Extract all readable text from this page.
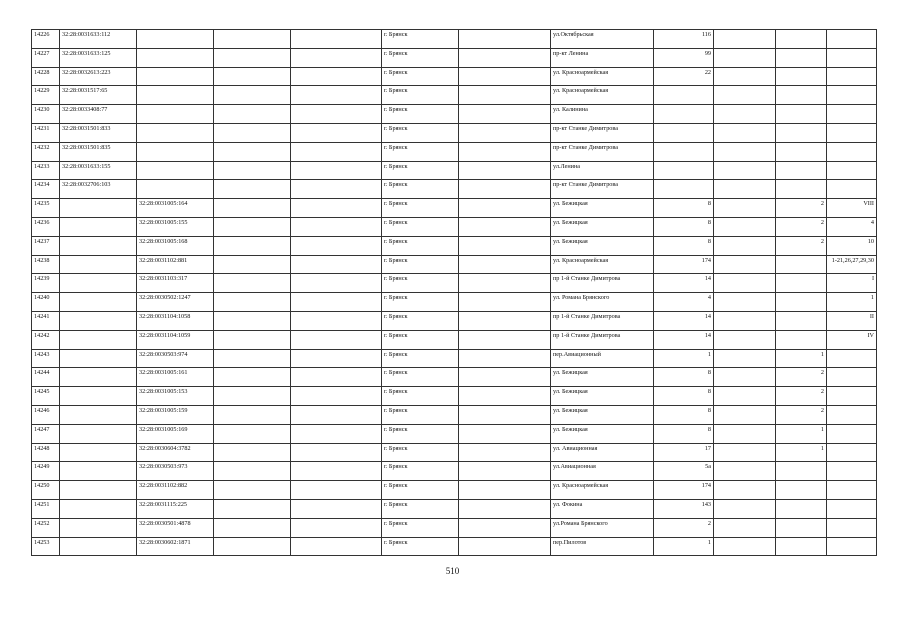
14226	32:28:0031633:112				г. Брянск		ул.Октябрьская	116			
14227	32:28:0031633:125				г. Брянск		пр-кт Ленина	99			
14228	32:28:0032613:223				г. Брянск		ул. Красноармейская	22			
14229	32:28:0031517:65				г. Брянск		ул. Красноармейская				
14230	32:28:0033408:77				г. Брянск		ул. Калинина				
14231	32:28:0031501:833				г. Брянск		пр-кт Станке Димитрова				
14232	32:28:0031501:835				г. Брянск		пр-кт Станке Димитрова				
14233	32:28:0031633:155				г. Брянск		ул.Ленина				
14234	32:28:0032706:103				г. Брянск		пр-кт Станке Димитрова				
14235		32:28:0031005:164			г. Брянск		ул. Бежицкая	8		2	VIII
14236		32:28:0031005:155			г. Брянск		ул. Бежицкая	8		2	4
14237		32:28:0031005:168			г. Брянск		ул. Бежицкая	8		2	10
14238		32:28:0031102:881			г. Брянск		ул. Красноармейская	174			1-21,26,27,29,30
14239		32:28:0031103:317			г. Брянск		пр 1-й Станке Димитрова	14			I
14240		32:28:0030502:1247			г. Брянск		ул. Романа Брянского	4			1
14241		32:28:0031104:1058			г. Брянск		пр 1-й Станке Димитрова	14			II
14242		32:28:0031104:1059			г. Брянск		пр 1-й Станке Димитрова	14			IV
14243		32:28:0030503:974			г. Брянск		пер.Авиационный	1		1	
14244		32:28:0031005:161			г. Брянск		ул. Бежицкая	8		2	
14245		32:28:0031005:153			г. Брянск		ул. Бежицкая	8		2	
14246		32:28:0031005:159			г. Брянск		ул. Бежицкая	8		2	
14247		32:28:0031005:169			г. Брянск		ул. Бежицкая	8		1	
14248		32:28:0030604:3782			г. Брянск		ул. Авиационная	17		1	
14249		32:28:0030503:973			г. Брянск		ул.Авиационная	5а			
14250		32:28:0031102:882			г. Брянск		ул. Красноармейская	174			
14251		32:28:0031115:225			г. Брянск		ул. Фокина	143			
14252		32:28:0030501:4878			г. Брянск		ул.Романа Брянского	2			
14253		32:28:0030602:1871			г. Брянск		пер.Пилотов	1			
510
